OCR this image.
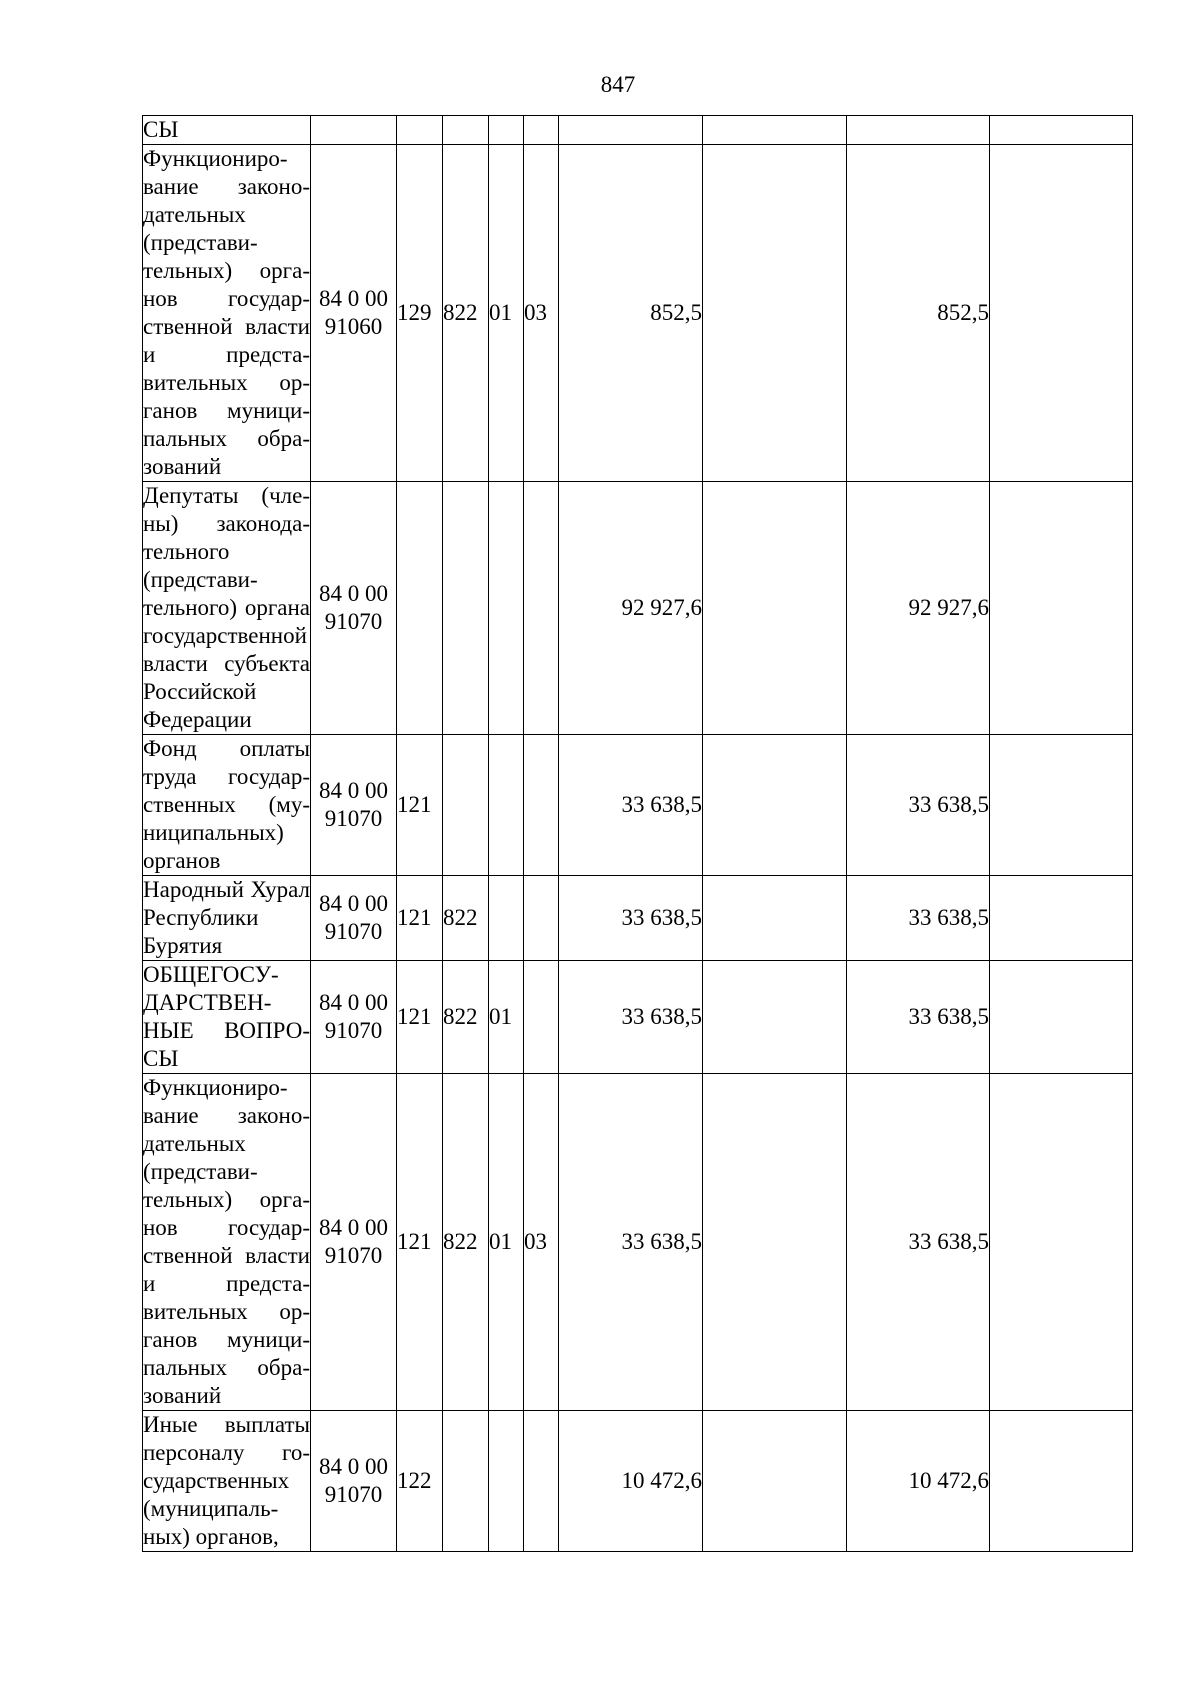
847
СЫ									
Функционирование законодательных (представительных) органов государственной власти и представительных органов муниципальных образований	84 0 00 91060	129	822	01	03	852,5		852,5	
Депутаты (члены) законодательного (представительного) органа государственной власти субъекта Российской Федерации	84 0 00 91070					92 927,6		92 927,6	
Фонд оплаты труда государственных (муниципальных) органов	84 0 00 91070	121				33 638,5		33 638,5	
Народный Хурал Республики Бурятия	84 0 00 91070	121	822			33 638,5		33 638,5	
ОБЩЕГОСУДАРСТВЕННЫЕ ВОПРОСЫ	84 0 00 91070	121	822	01		33 638,5		33 638,5	
Функционирование законодательных (представительных) органов государственной власти и представительных органов муниципальных образований	84 0 00 91070	121	822	01	03	33 638,5		33 638,5	
Иные выплаты персоналу государственных (муниципальных) органов,	84 0 00 91070	122				10 472,6		10 472,6	
